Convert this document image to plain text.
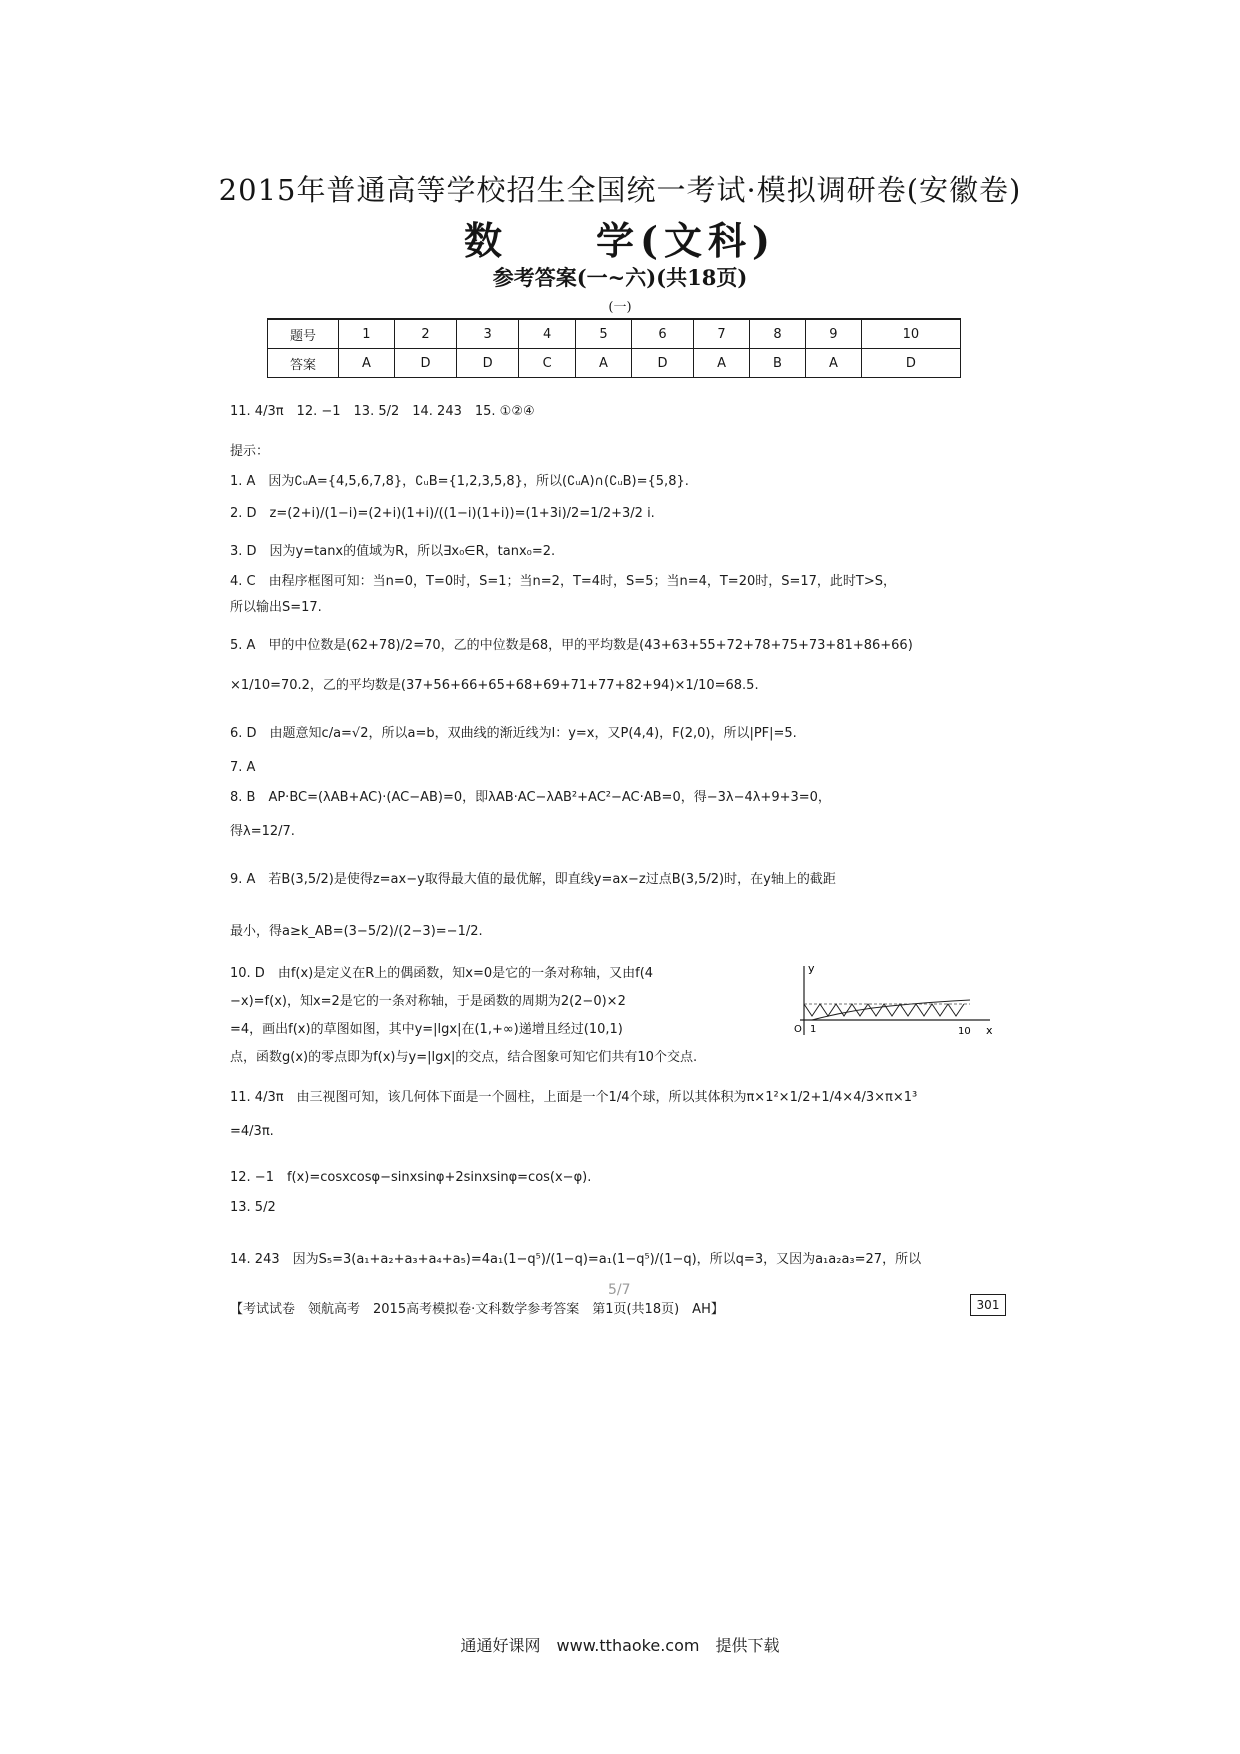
2015年普通高等学校招生全国统一考试·模拟调研卷(安徽卷)
数　　学(文科)
参考答案(一~六)(共18页)
(一)
题号	1	2	3	4	5	6	7	8	9	10
答案	A	D	D	C	A	D	A	B	A	D
11. 4/3π　12. −1　13. 5/2　14. 243　15. ①②④
提示：
1. A　因为∁ᵤA={4,5,6,7,8}，∁ᵤB={1,2,3,5,8}，所以(∁ᵤA)∩(∁ᵤB)={5,8}.
2. D　z=(2+i)/(1−i)=(2+i)(1+i)/((1−i)(1+i))=(1+3i)/2=1/2+3/2 i.
3. D　因为y=tanx的值域为R，所以∃x₀∈R，tanx₀=2.
4. C　由程序框图可知：当n=0，T=0时，S=1；当n=2，T=4时，S=5；当n=4，T=20时，S=17，此时T>S，
所以输出S=17.
5. A　甲的中位数是(62+78)/2=70，乙的中位数是68，甲的平均数是(43+63+55+72+78+75+73+81+86+66)
×1/10=70.2，乙的平均数是(37+56+66+65+68+69+71+77+82+94)×1/10=68.5.
6. D　由题意知c/a=√2，所以a=b，双曲线的渐近线为l：y=x，又P(4,4)，F(2,0)，所以|PF|=5.
7. A
8. B　AP·BC=(λAB+AC)·(AC−AB)=0，即λAB·AC−λAB²+AC²−AC·AB=0，得−3λ−4λ+9+3=0，
得λ=12/7.
9. A　若B(3,5/2)是使得z=ax−y取得最大值的最优解，即直线y=ax−z过点B(3,5/2)时，在y轴上的截距
最小，得a≥k_AB=(3−5/2)/(2−3)=−1/2.
10. D　由f(x)是定义在R上的偶函数，知x=0是它的一条对称轴，又由f(4
−x)=f(x)，知x=2是它的一条对称轴，于是函数的周期为2(2−0)×2
=4，画出f(x)的草图如图，其中y=|lgx|在(1,+∞)递增且经过(10,1)
点，函数g(x)的零点即为f(x)与y=|lgx|的交点，结合图象可知它们共有10个交点.
11. 4/3π　由三视图可知，该几何体下面是一个圆柱，上面是一个1/4个球，所以其体积为π×1²×1/2+1/4×4/3×π×1³
=4/3π.
12. −1　f(x)=cosxcosφ−sinxsinφ+2sinxsinφ=cos(x−φ).
13. 5/2
14. 243　因为S₅=3(a₁+a₂+a₃+a₄+a₅)=4a₁(1−q⁵)/(1−q)=a₁(1−q⁵)/(1−q)，所以q=3，又因为a₁a₂a₃=27，所以
y
x
O 1	10
5/7
【考试试卷　领航高考　2015高考模拟卷·文科数学参考答案　第1页(共18页)　AH】	301
通通好课网　www.tthaoke.com　提供下载
